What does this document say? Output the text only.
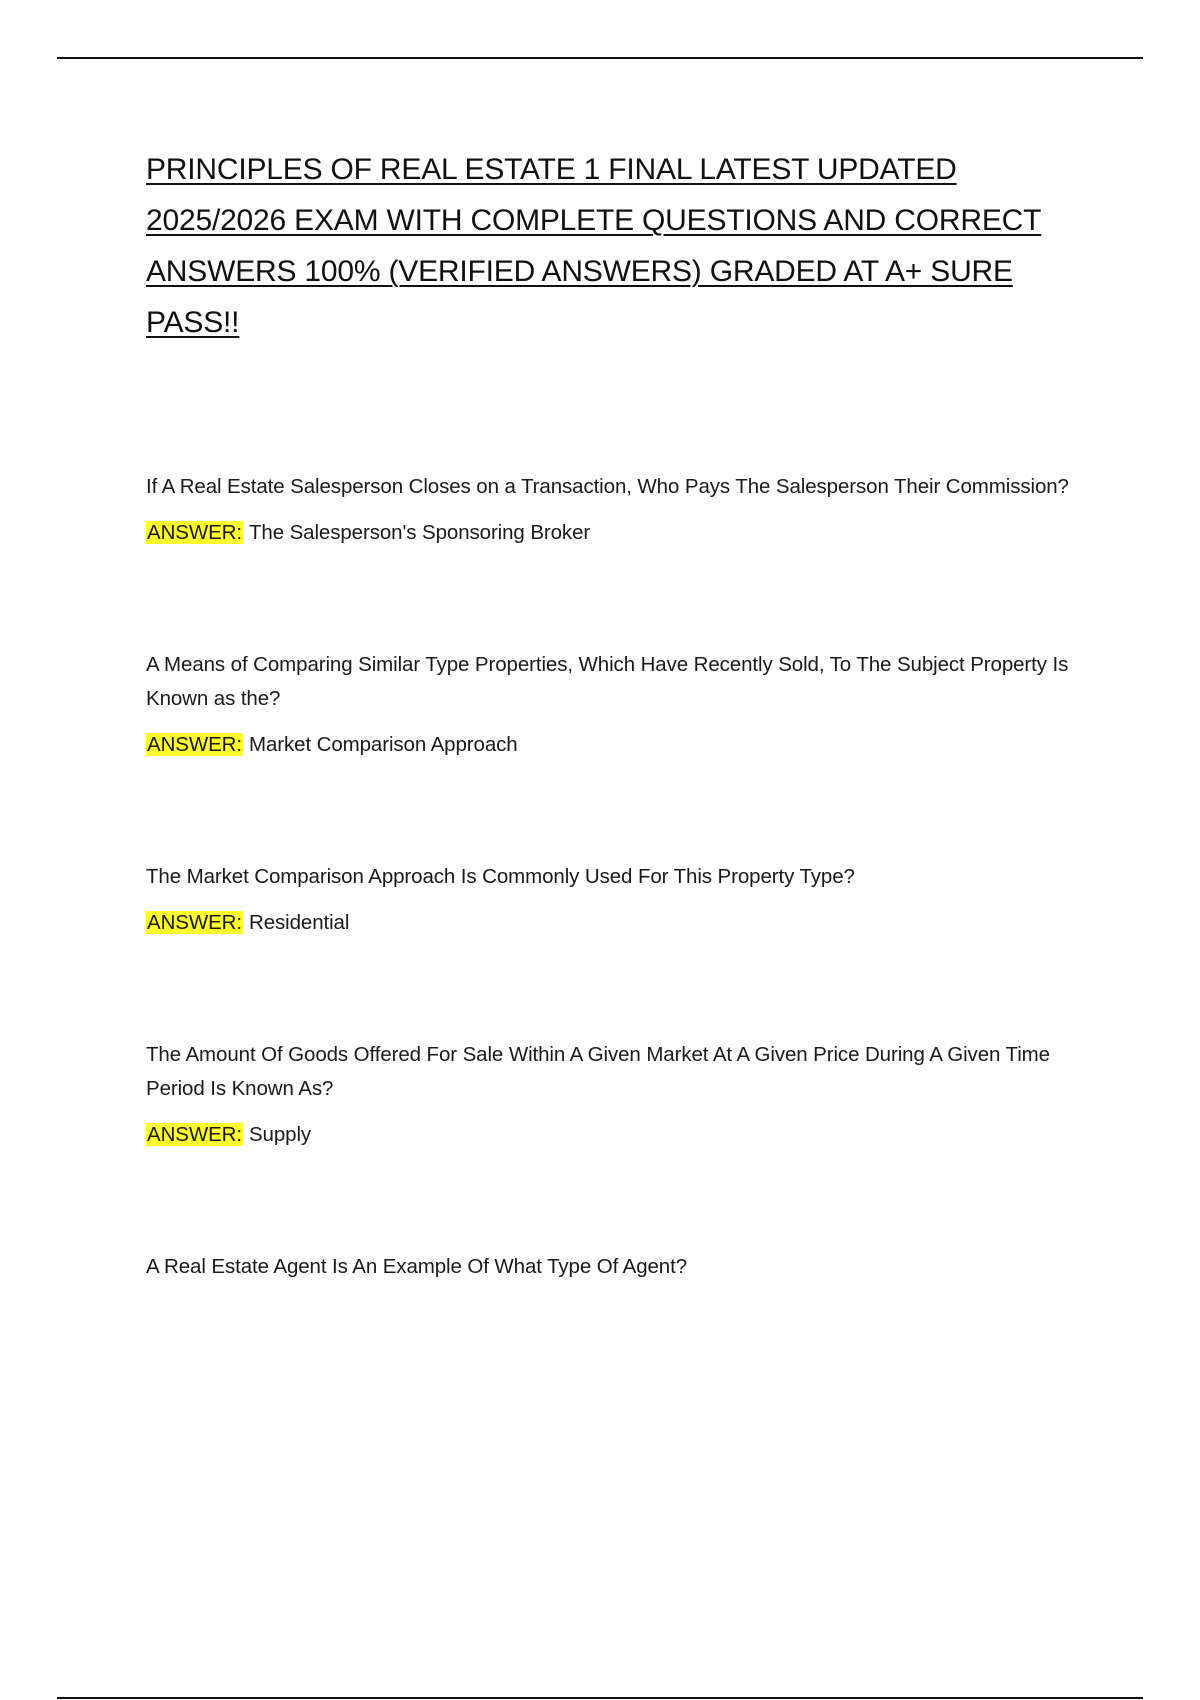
PRINCIPLES OF REAL ESTATE 1 FINAL LATEST UPDATED 2025/2026 EXAM WITH COMPLETE QUESTIONS AND CORRECT ANSWERS 100% (VERIFIED ANSWERS) GRADED AT A+ SURE PASS!!

If A Real Estate Salesperson Closes on a Transaction, Who Pays The Salesperson Their Commission?

ANSWER: The Salesperson's Sponsoring Broker

A Means of Comparing Similar Type Properties, Which Have Recently Sold, To The Subject Property Is Known as the?

ANSWER: Market Comparison Approach

The Market Comparison Approach Is Commonly Used For This Property Type?

ANSWER: Residential

The Amount Of Goods Offered For Sale Within A Given Market At A Given Price During A Given Time Period Is Known As?

ANSWER: Supply

A Real Estate Agent Is An Example Of What Type Of Agent?
